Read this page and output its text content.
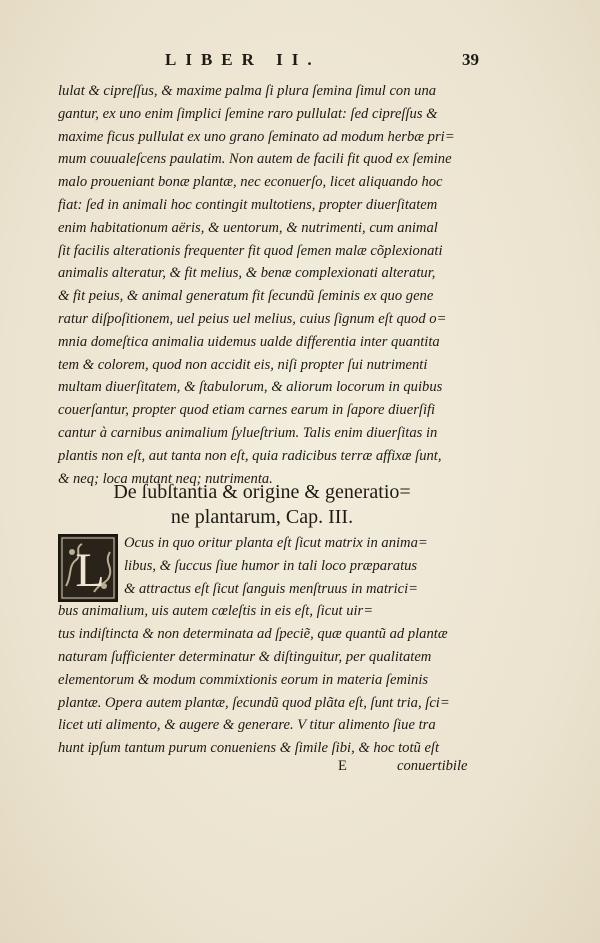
LIBER II.	39
lulat & cipreſſus, & maxime palma ſi plura ſemina ſimul con una
gantur, ex uno enim ſimplici ſemine raro pullulat: ſed cipreſſus &
maxime ficus pullulat ex uno grano ſeminato ad modum herbæ pri=
mum couualeſcens paulatim. Non autem de facili fit quod ex ſemine
malo proueniant bonæ plantæ, nec econuerſo, licet aliquando hoc
fiat: ſed in animali hoc contingit multotiens, propter diuerſitatem
enim habitationum aëris, & uentorum, & nutrimenti, cum animal
ſit facilis alterationis frequenter fit quod ſemen malæ cõplexionati
animalis alteratur, & fit melius, & benæ complexionati alteratur,
& fit peius, & animal generatum fit ſecundũ ſeminis ex quo gene
ratur diſpoſitionem, uel peius uel melius, cuius ſignum eſt quod o=
mnia domeſtica animalia uidemus ualde differentia inter quantita
tem & colorem, quod non accidit eis, niſi propter ſui nutrimenti
multam diuerſitatem, & ſtabulorum, & aliorum locorum in quibus
couerſantur, propter quod etiam carnes earum in ſapore diuerſifi
cantur à carnibus animalium ſylueſtrium. Talis enim diuerſitas in
plantis non eſt, aut tanta non eſt, quia radicibus terræ affixæ ſunt,
& neq; loca mutant neq; nutrimenta.
De ſubſtantia & origine & generatio=
ne plantarum, Cap. III.
L
Ocus in quo oritur planta eſt ſicut matrix in anima=
libus, & ſuccus ſiue humor in tali loco præparatus
& attractus eſt ſicut ſanguis menſtruus in matrici=
bus animalium, uis autem cœleſtis in eis eſt, ſicut uir=
tus indiſtincta & non determinata ad ſpeciẽ, quæ quantũ ad plantæ
naturam ſufficienter determinatur & diſtinguitur, per qualitatem
elementorum & modum commixtionis eorum in materia ſeminis
plantæ. Opera autem plantæ, ſecundũ quod plãta eſt, ſunt tria, ſci=
licet uti alimento, & augere & generare. V titur alimento ſiue tra
hunt ipſum tantum purum conueniens & ſimile ſibi, & hoc totũ eſt
E	conuertibile
